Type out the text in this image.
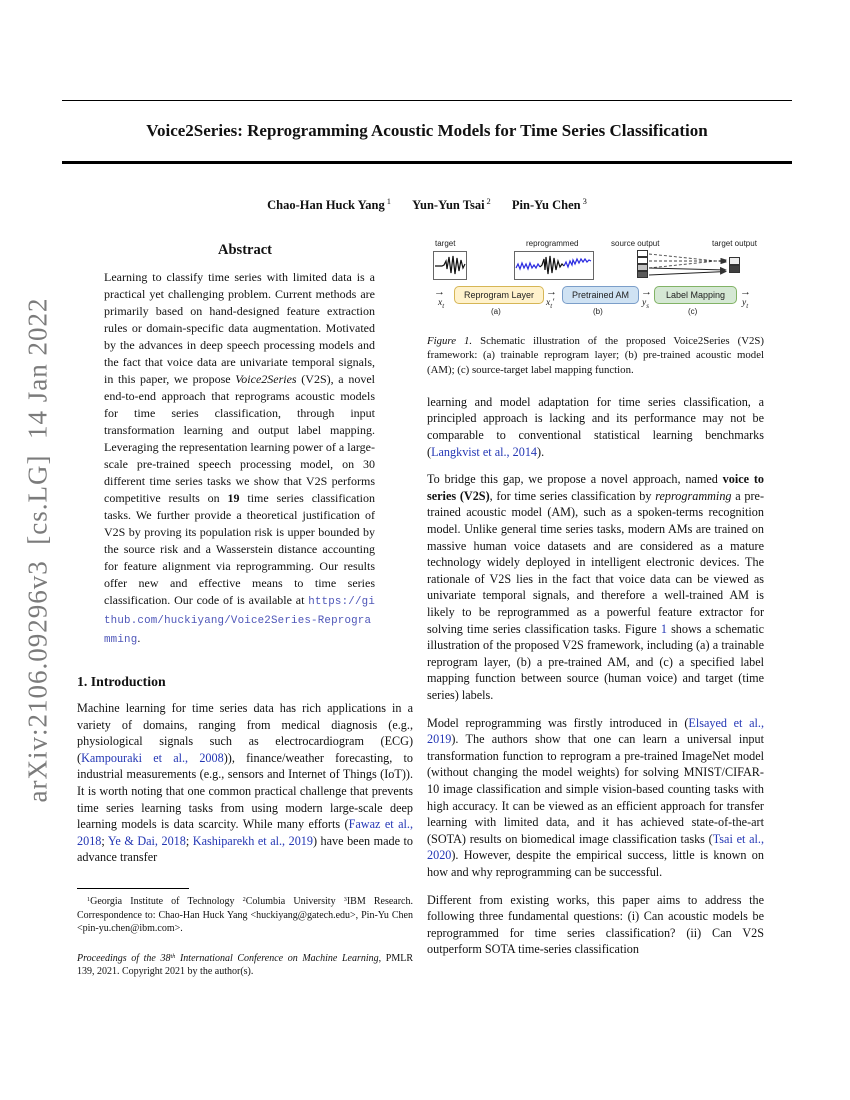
arXiv:2106.09296v3  [cs.LG]  14 Jan 2022
Voice2Series: Reprogramming Acoustic Models for Time Series Classification
Chao-Han Huck Yang $^1$ Yun-Yun Tsai $^2$ Pin-Yu Chen $^3$
Abstract
Learning to classify time series with limited data is a practical yet challenging problem. Current methods are primarily based on hand-designed feature extraction rules or domain-specific data augmentation. Motivated by the advances in deep speech processing models and the fact that voice data are univariate temporal signals, in this paper, we propose Voice2Series (V2S), a novel end-to-end approach that reprograms acoustic models for time series classification, through input transformation learning and output label mapping. Leveraging the representation learning power of a large-scale pre-trained speech processing model, on 30 different time series tasks we show that V2S performs competitive results on 19 time series classification tasks. We further provide a theoretical justification of V2S by proving its population risk is upper bounded by the source risk and a Wasserstein distance accounting for feature alignment via reprogramming. Our results offer new and effective means to time series classification. Our code of is available at https://github.com/huckiyang/Voice2Series-Reprogramming.
1. Introduction
Machine learning for time series data has rich applications in a variety of domains, ranging from medical diagnosis (e.g., physiological signals such as electrocardiogram (ECG) (Kampouraki et al., 2008)), finance/weather forecasting, to industrial measurements (e.g., sensors and Internet of Things (IoT)). It is worth noting that one common practical challenge that prevents time series learning tasks from using modern large-scale deep learning models is data scarcity. While many efforts (Fawaz et al., 2018; Ye & Dai, 2018; Kashiparekh et al., 2019) have been made to advance transfer
$^1$Georgia Institute of Technology $^2$Columbia University $^3$IBM Research. Correspondence to: Chao-Han Huck Yang <huckiyang@gatech.edu>, Pin-Yu Chen <pin-yu.chen@ibm.com>.
Proceedings of the 38th International Conference on Machine Learning, PMLR 139, 2021. Copyright 2021 by the author(s).
target	reprogrammed	source output	target output
→
$x_t$
Reprogram Layer
(a)
→
$x_t'$
Pretrained AM
(b)
→
$y_s$
Label Mapping
(c)
→
$y_t$
Figure 1. Schematic illustration of the proposed Voice2Series (V2S) framework: (a) trainable reprogram layer; (b) pre-trained acoustic model (AM); (c) source-target label mapping function.
learning and model adaptation for time series classification, a principled approach is lacking and its performance may not be comparable to conventional statistical learning benchmarks (Langkvist et al., 2014).
To bridge this gap, we propose a novel approach, named voice to series (V2S), for time series classification by reprogramming a pre-trained acoustic model (AM), such as a spoken-terms recognition model. Unlike general time series tasks, modern AMs are trained on massive human voice datasets and are considered as a mature technology widely deployed in intelligent electronic devices. The rationale of V2S lies in the fact that voice data can be viewed as univariate temporal signals, and therefore a well-trained AM is likely to be reprogrammed as a powerful feature extractor for solving time series classification tasks. Figure 1 shows a schematic illustration of the proposed V2S framework, including (a) a trainable reprogram layer, (b) a pre-trained AM, and (c) a specified label mapping function between source (human voice) and target (time series) labels.
Model reprogramming was firstly introduced in (Elsayed et al., 2019). The authors show that one can learn a universal input transformation function to reprogram a pre-trained ImageNet model (without changing the model weights) for solving MNIST/CIFAR-10 image classification and simple vision-based counting tasks with high accuracy. It can be viewed as an efficient approach for transfer learning with limited data, and it has achieved state-of-the-art (SOTA) results on biomedical image classification tasks (Tsai et al., 2020). However, despite the empirical success, little is known on how and why reprogramming can be successful.
Different from existing works, this paper aims to address the following three fundamental questions: (i) Can acoustic models be reprogrammed for time series classification? (ii) Can V2S outperform SOTA time-series classification
